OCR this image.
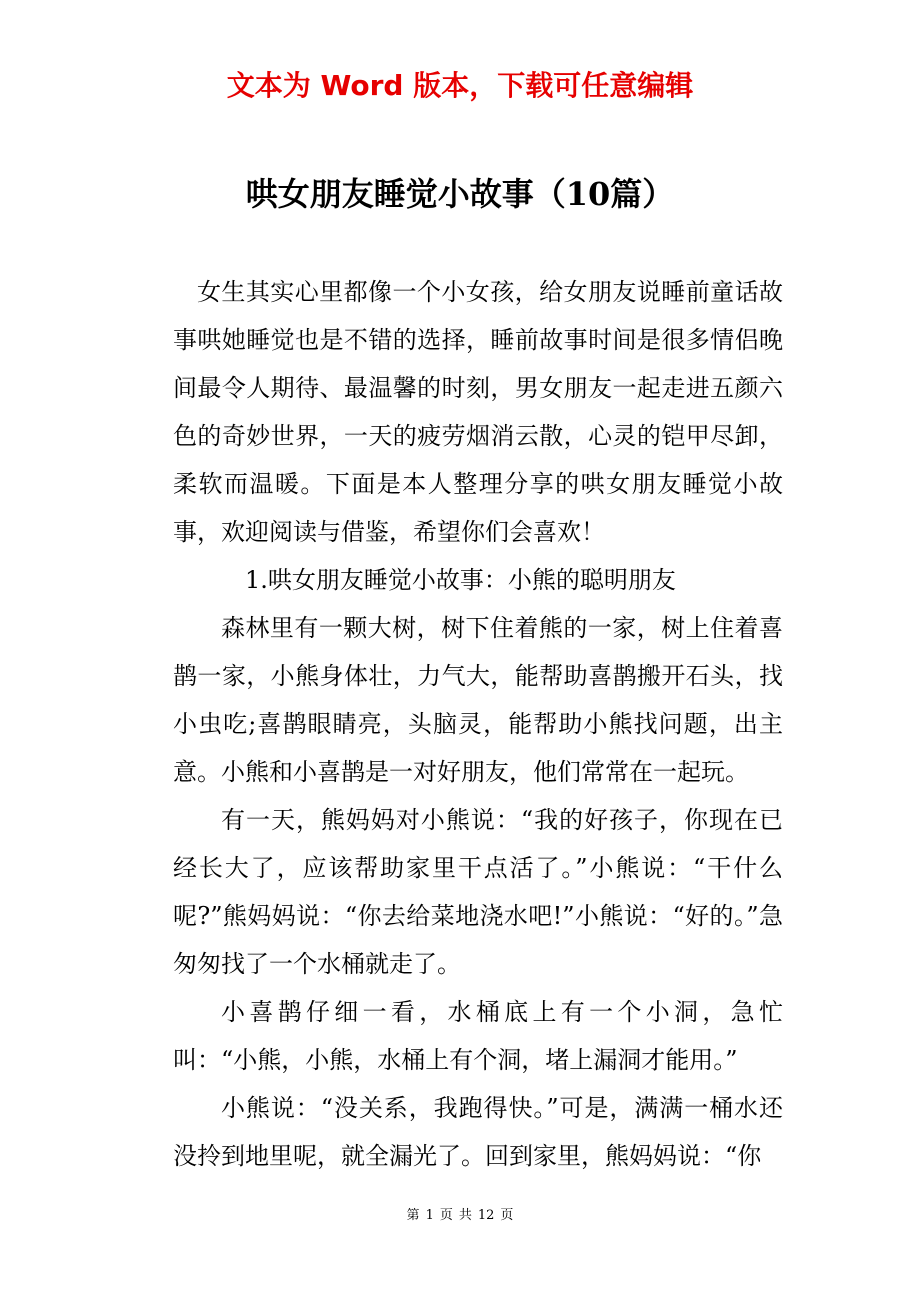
文本为 Word 版本，下载可任意编辑
哄女朋友睡觉小故事（10篇）

女生其实心里都像一个小女孩，给女朋友说睡前童话故事哄她睡觉也是不错的选择，睡前故事时间是很多情侣晚间最令人期待、最温馨的时刻，男女朋友一起走进五颜六色的奇妙世界，一天的疲劳烟消云散，心灵的铠甲尽卸，柔软而温暖。下面是本人整理分享的哄女朋友睡觉小故事，欢迎阅读与借鉴，希望你们会喜欢！

1.哄女朋友睡觉小故事：小熊的聪明朋友

森林里有一颗大树，树下住着熊的一家，树上住着喜鹊一家，小熊身体壮，力气大，能帮助喜鹊搬开石头，找小虫吃;喜鹊眼睛亮，头脑灵，能帮助小熊找问题，出主意。小熊和小喜鹊是一对好朋友，他们常常在一起玩。

有一天，熊妈妈对小熊说：“我的好孩子，你现在已经长大了，应该帮助家里干点活了。”小熊说：“干什么呢?”熊妈妈说：“你去给菜地浇水吧!”小熊说：“好的。”急匆匆找了一个水桶就走了。

小喜鹊仔细一看，水桶底上有一个小洞，急忙叫：“小熊，小熊，水桶上有个洞，堵上漏洞才能用。”

小熊说：“没关系，我跑得快。”可是，满满一桶水还没拎到地里呢，就全漏光了。回到家里，熊妈妈说：“你

第 1 页 共 12 页
